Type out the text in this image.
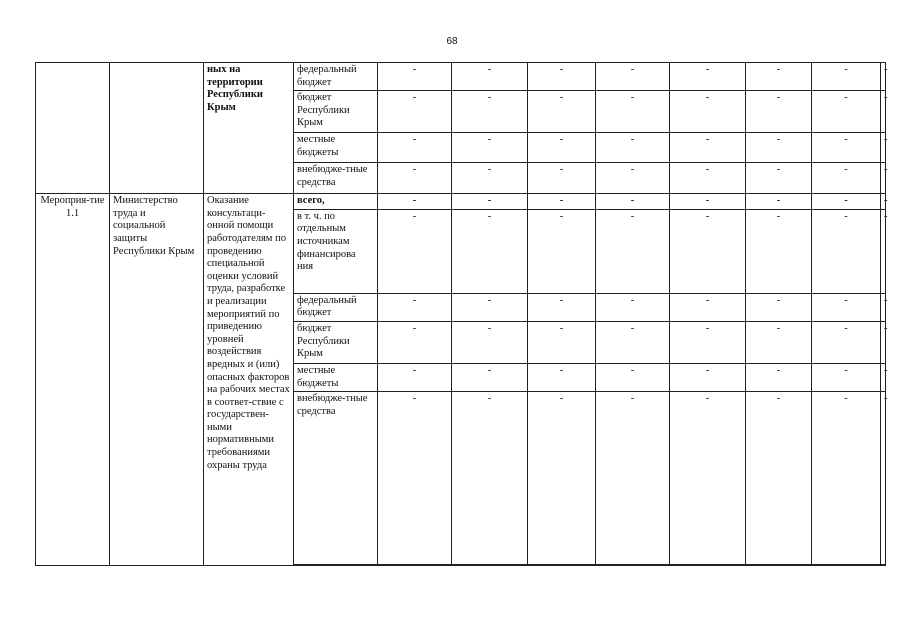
68
		ных на территории Республики Крым	федеральный бюджет	-	-	-	-	-	-	-	-
			бюджет Республики Крым	-	-	-	-	-	-	-	-
			местные бюджеты	-	-	-	-	-	-	-	-
			внебюдже-тные средства	-	-	-	-	-	-	-	-
Мероприя-тие 1.1	Министерство труда и социальной защиты Республики Крым	Оказание консультаци-онной помощи работодателям по проведению специальной оценки условий труда, разработке и реализации мероприятий по приведению уровней воздействия вредных и (или) опасных факторов на рабочих местах в соответ-ствие с государствен-ными нормативными требованиями охраны труда	всего,	-	-	-	-	-	-	-	-
			в т. ч. по отдельным источникам финансирова ния	-	-	-	-	-	-	-	-
			федеральный бюджет	-	-	-	-	-	-	-	-
			бюджет Республики Крым	-	-	-	-	-	-	-	-
			местные бюджеты	-	-	-	-	-	-	-	-
			внебюдже-тные средства	-	-	-	-	-	-	-	-
